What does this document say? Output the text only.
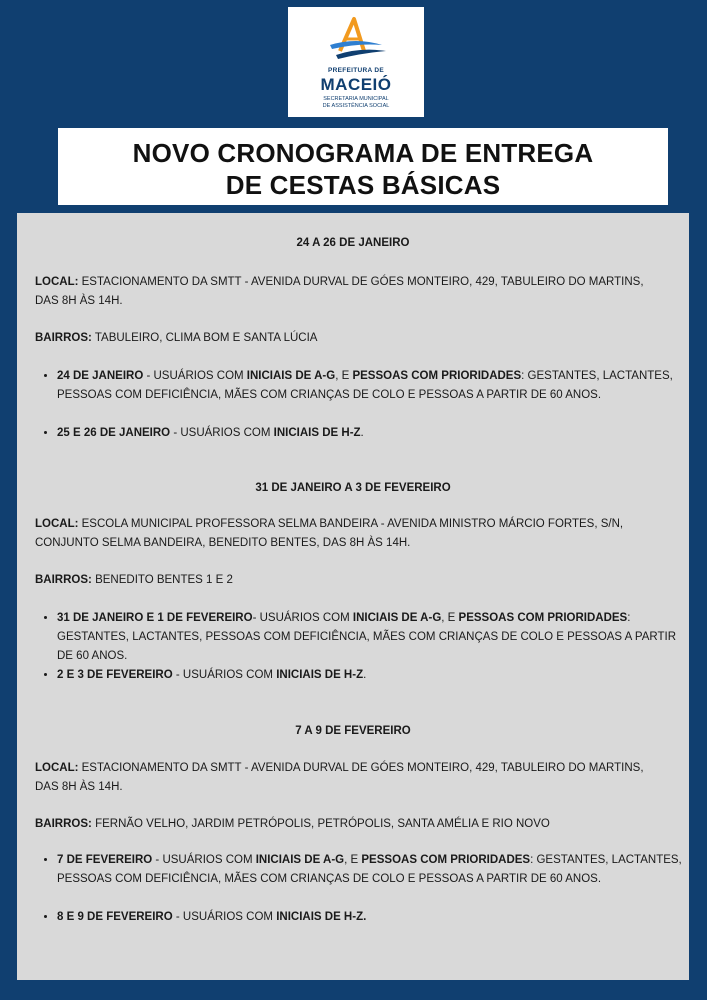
PREFEITURA DE
MACEIÓ
SECRETARIA MUNICIPAL
DE ASSISTÊNCIA SOCIAL
NOVO CRONOGRAMA DE ENTREGA
DE CESTAS BÁSICAS

24 A 26 DE JANEIRO

LOCAL: ESTACIONAMENTO DA SMTT - AVENIDA DURVAL DE GÓES MONTEIRO, 429, TABULEIRO DO MARTINS, DAS 8H ÀS 14H.

BAIRROS: TABULEIRO, CLIMA BOM E SANTA LÚCIA

• 24 DE JANEIRO - USUÁRIOS COM INICIAIS DE A-G, E PESSOAS COM PRIORIDADES: GESTANTES, LACTANTES, PESSOAS COM DEFICIÊNCIA, MÃES COM CRIANÇAS DE COLO E PESSOAS A PARTIR DE 60 ANOS.
• 25 E 26 DE JANEIRO - USUÁRIOS COM INICIAIS DE H-Z.

31 DE JANEIRO A 3 DE FEVEREIRO

LOCAL: ESCOLA MUNICIPAL PROFESSORA SELMA BANDEIRA - AVENIDA MINISTRO MÁRCIO FORTES, S/N, CONJUNTO SELMA BANDEIRA, BENEDITO BENTES, DAS 8H ÀS 14H.

BAIRROS: BENEDITO BENTES 1 E 2

• 31 DE JANEIRO E 1 DE FEVEREIRO- USUÁRIOS COM INICIAIS DE A-G, E PESSOAS COM PRIORIDADES: GESTANTES, LACTANTES, PESSOAS COM DEFICIÊNCIA, MÃES COM CRIANÇAS DE COLO E PESSOAS A PARTIR DE 60 ANOS.
• 2 E 3 DE FEVEREIRO - USUÁRIOS COM INICIAIS DE H-Z.

7 A 9 DE FEVEREIRO

LOCAL: ESTACIONAMENTO DA SMTT - AVENIDA DURVAL DE GÓES MONTEIRO, 429, TABULEIRO DO MARTINS, DAS 8H ÀS 14H.

BAIRROS: FERNÃO VELHO, JARDIM PETRÓPOLIS, PETRÓPOLIS, SANTA AMÉLIA E RIO NOVO

• 7 DE FEVEREIRO - USUÁRIOS COM INICIAIS DE A-G, E PESSOAS COM PRIORIDADES: GESTANTES, LACTANTES, PESSOAS COM DEFICIÊNCIA, MÃES COM CRIANÇAS DE COLO E PESSOAS A PARTIR DE 60 ANOS.
• 8 E 9 DE FEVEREIRO - USUÁRIOS COM INICIAIS DE H-Z.
